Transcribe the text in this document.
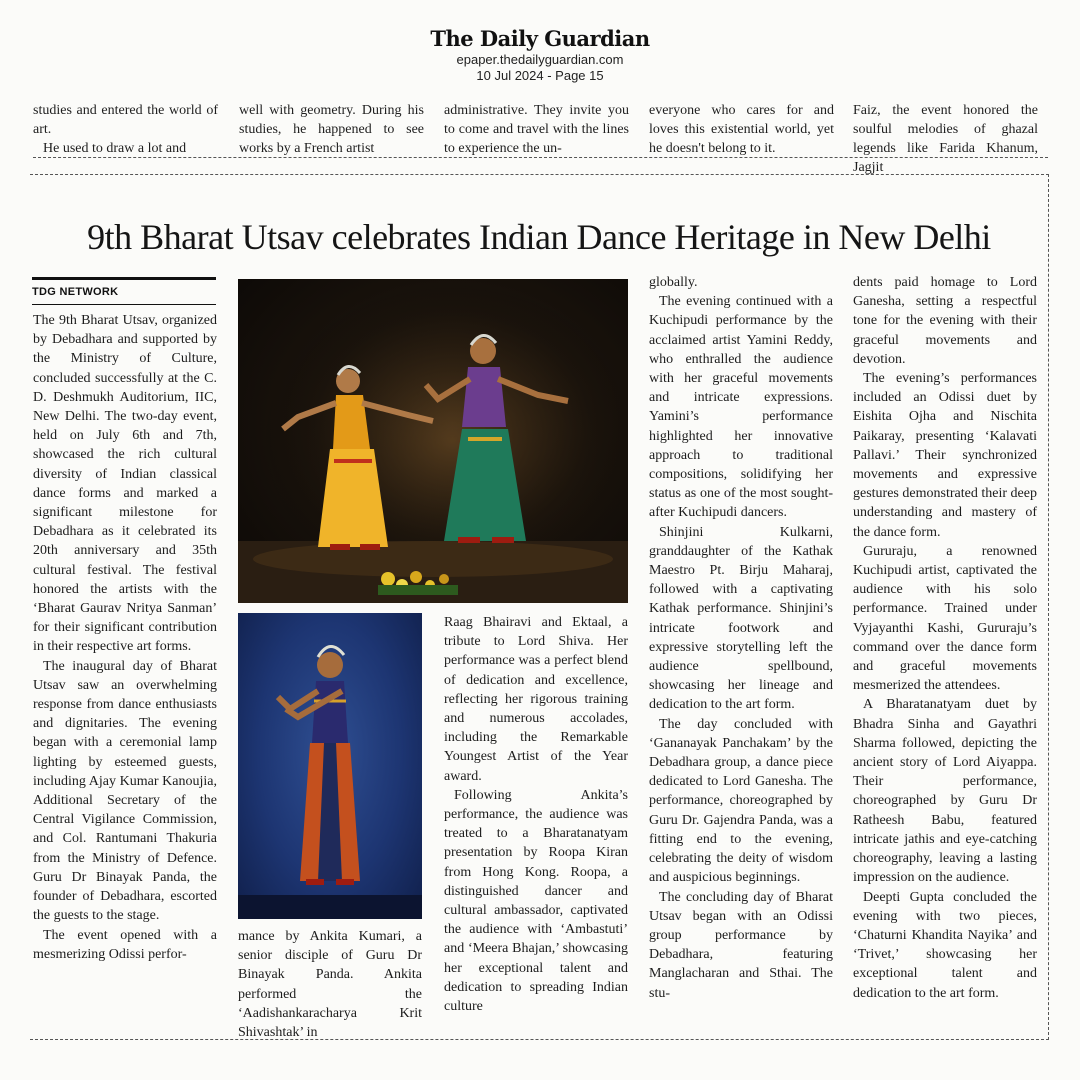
The Daily Guardian
epaper.thedailyguardian.com
10 Jul 2024 - Page 15

studies and entered the world of art.

He used to draw a lot and

well with geometry. During his studies, he happened to see works by a French artist

administrative. They invite you to come and travel with the lines to experience the un-

everyone who cares for and loves this existential world, yet he doesn't belong to it.

Faiz, the event honored the soulful melodies of ghazal legends like Farida Khanum, Jagjit

9th Bharat Utsav celebrates Indian Dance Heritage in New Delhi
TDG NETWORK

The 9th Bharat Utsav, organized by Debadhara and supported by the Ministry of Culture, concluded successfully at the C. D. Deshmukh Auditorium, IIC, New Delhi. The two-day event, held on July 6th and 7th, showcased the rich cultural diversity of Indian classical dance forms and marked a significant milestone for Debadhara as it celebrated its 20th anniversary and 35th cultural festival. The festival honored the artists with the ‘Bharat Gaurav Nritya Sanman’ for their significant contribution in their respective art forms.

The inaugural day of Bharat Utsav saw an overwhelming response from dance enthusiasts and dignitaries. The evening began with a ceremonial lamp lighting by esteemed guests, including Ajay Kumar Kanoujia, Additional Secretary of the Central Vigilance Commission, and Col. Rantumani Thakuria from the Ministry of Defence. Guru Dr Binayak Panda, the founder of Debadhara, escorted the guests to the stage.

The event opened with a mesmerizing Odissi perfor-

mance by Ankita Kumari, a senior disciple of Guru Dr Binayak Panda. Ankita performed the ‘Aadishankaracharya Krit Shivashtak’ in

Raag Bhairavi and Ektaal, a tribute to Lord Shiva. Her performance was a perfect blend of dedication and excellence, reflecting her rigorous training and numerous accolades, including the Remarkable Youngest Artist of the Year award.

Following Ankita’s performance, the audience was treated to a Bharatanatyam presentation by Roopa Kiran from Hong Kong. Roopa, a distinguished dancer and cultural ambassador, captivated the audience with ‘Ambastuti’ and ‘Meera Bhajan,’ showcasing her exceptional talent and dedication to spreading Indian culture

globally.

The evening continued with a Kuchipudi performance by the acclaimed artist Yamini Reddy, who enthralled the audience with her graceful movements and intricate expressions. Yamini’s performance highlighted her innovative approach to traditional compositions, solidifying her status as one of the most sought-after Kuchipudi dancers.

Shinjini Kulkarni, granddaughter of the Kathak Maestro Pt. Birju Maharaj, followed with a captivating Kathak performance. Shinjini’s intricate footwork and expressive storytelling left the audience spellbound, showcasing her lineage and dedication to the art form.

The day concluded with ‘Gananayak Panchakam’ by the Debadhara group, a dance piece dedicated to Lord Ganesha. The performance, choreographed by Guru Dr. Gajendra Panda, was a fitting end to the evening, celebrating the deity of wisdom and auspicious beginnings.

The concluding day of Bharat Utsav began with an Odissi group performance by Debadhara, featuring Manglacharan and Sthai. The stu-

dents paid homage to Lord Ganesha, setting a respectful tone for the evening with their graceful movements and devotion.

The evening’s performances included an Odissi duet by Eishita Ojha and Nischita Paikaray, presenting ‘Kalavati Pallavi.’ Their synchronized movements and expressive gestures demonstrated their deep understanding and mastery of the dance form.

Gururaju, a renowned Kuchipudi artist, captivated the audience with his solo performance. Trained under Vyjayanthi Kashi, Gururaju’s command over the dance form and graceful movements mesmerized the attendees.

A Bharatanatyam duet by Bhadra Sinha and Gayathri Sharma followed, depicting the ancient story of Lord Aiyappa. Their performance, choreographed by Guru Dr Ratheesh Babu, featured intricate jathis and eye-catching choreography, leaving a lasting impression on the audience.

Deepti Gupta concluded the evening with two pieces, ‘Chaturni Khandita Nayika’ and ‘Trivet,’ showcasing her exceptional talent and dedication to the art form.
